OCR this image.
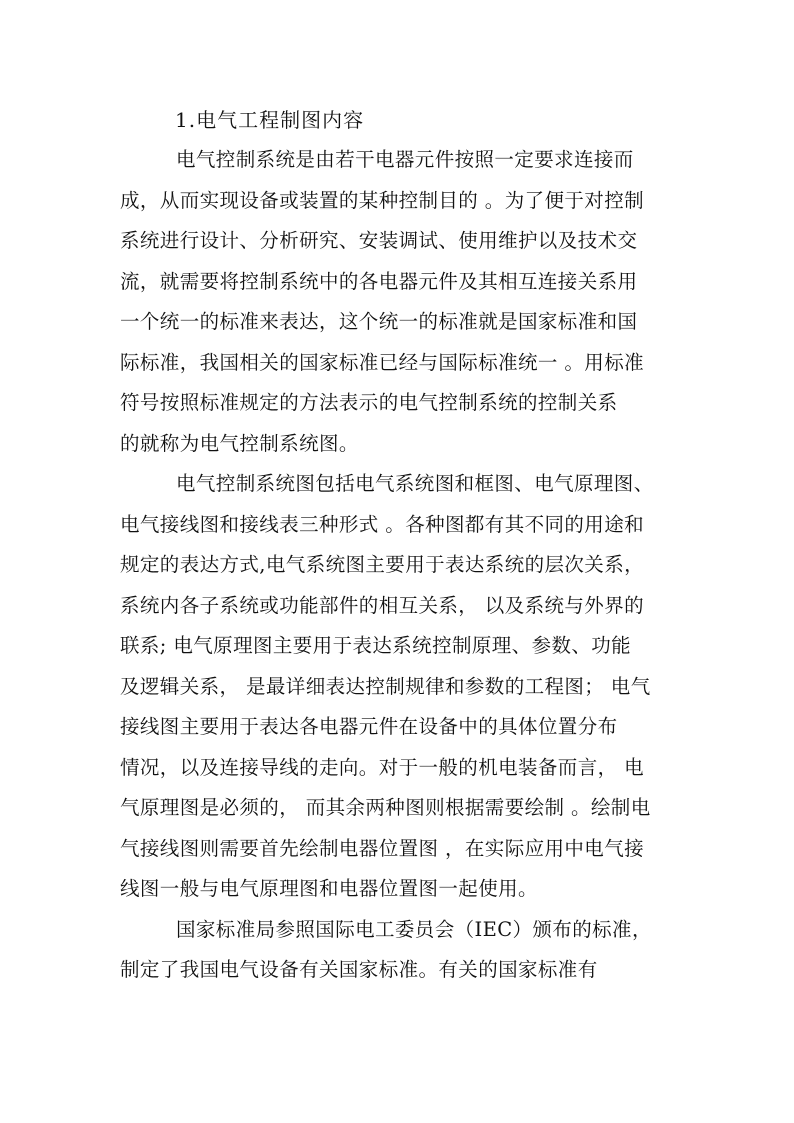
1.电气工程制图内容
电气控制系统是由若干电器元件按照一定要求连接而
成，从而实现设备或装置的某种控制目的 。为了便于对控制
系统进行设计、分析研究、安装调试、使用维护以及技术交
流，就需要将控制系统中的各电器元件及其相互连接关系用
一个统一的标准来表达，这个统一的标准就是国家标准和国
际标准，我国相关的国家标准已经与国际标准统一 。用标准
符号按照标准规定的方法表示的电气控制系统的控制关系
的就称为电气控制系统图。
电气控制系统图包括电气系统图和框图、电气原理图、
电气接线图和接线表三种形式 。各种图都有其不同的用途和
规定的表达方式,电气系统图主要用于表达系统的层次关系，
系统内各子系统或功能部件的相互关系， 以及系统与外界的
联系; 电气原理图主要用于表达系统控制原理、参数、功能
及逻辑关系， 是最详细表达控制规律和参数的工程图； 电气
接线图主要用于表达各电器元件在设备中的具体位置分布
情况，以及连接导线的走向。对于一般的机电装备而言， 电
气原理图是必须的， 而其余两种图则根据需要绘制 。绘制电
气接线图则需要首先绘制电器位置图 ，在实际应用中电气接
线图一般与电气原理图和电器位置图一起使用。
国家标准局参照国际电工委员会（IEC）颁布的标准，
制定了我国电气设备有关国家标准。有关的国家标准有
